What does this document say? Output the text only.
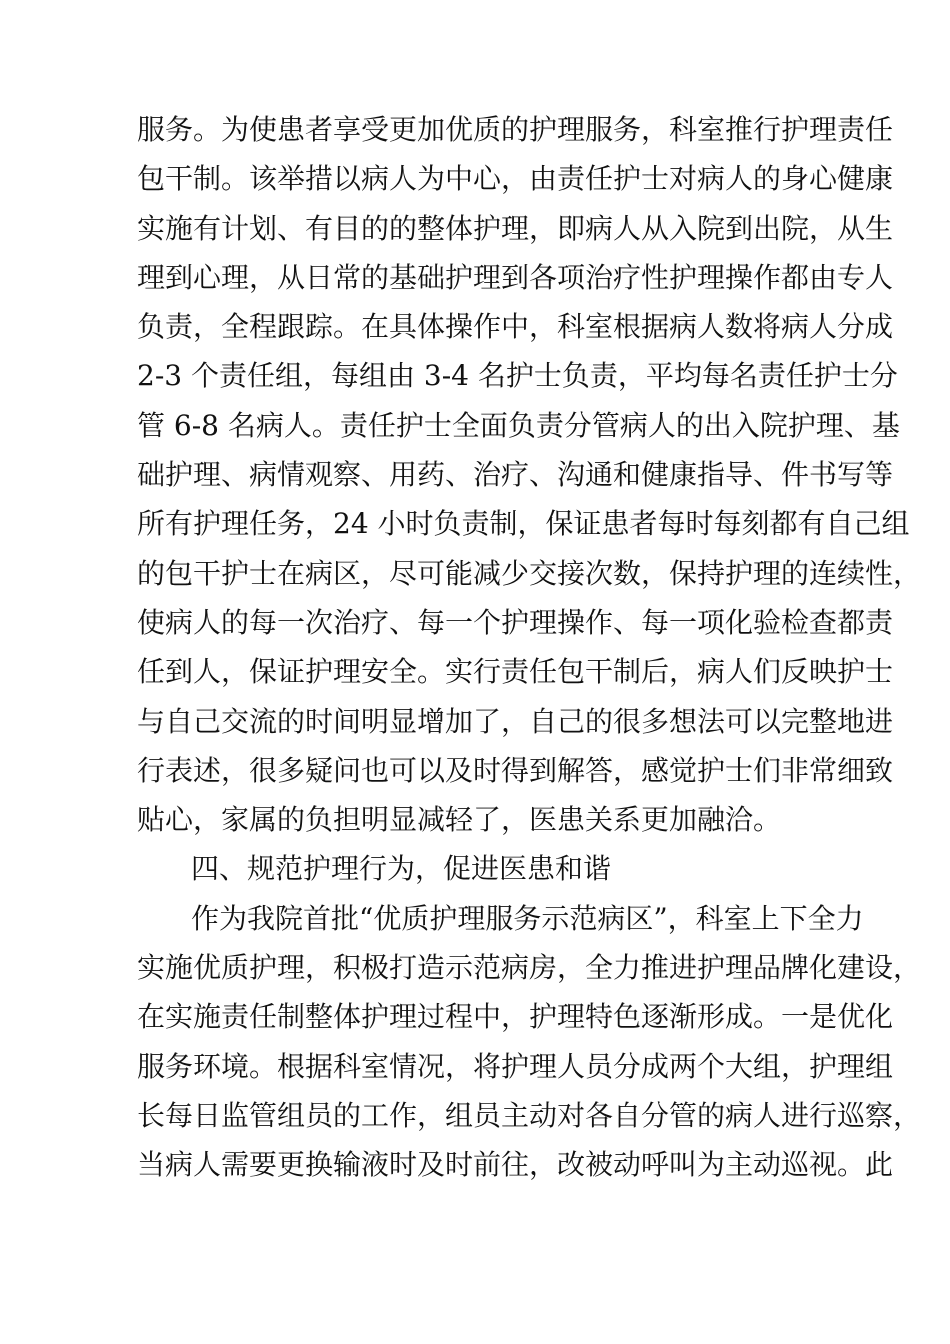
服务。为使患者享受更加优质的护理服务，科室推行护理责任
包干制。该举措以病人为中心，由责任护士对病人的身心健康
实施有计划、有目的的整体护理，即病人从入院到出院，从生
理到心理，从日常的基础护理到各项治疗性护理操作都由专人
负责，全程跟踪。在具体操作中，科室根据病人数将病人分成
2-3 个责任组，每组由 3-4 名护士负责，平均每名责任护士分
管 6-8 名病人。责任护士全面负责分管病人的出入院护理、基
础护理、病情观察、用药、治疗、沟通和健康指导、件书写等
所有护理任务，24 小时负责制，保证患者每时每刻都有自己组
的包干护士在病区，尽可能减少交接次数，保持护理的连续性，
使病人的每一次治疗、每一个护理操作、每一项化验检查都责
任到人，保证护理安全。实行责任包干制后，病人们反映护士
与自己交流的时间明显增加了，自己的很多想法可以完整地进
行表述，很多疑问也可以及时得到解答，感觉护士们非常细致
贴心，家属的负担明显减轻了，医患关系更加融洽。
四、规范护理行为，促进医患和谐
作为我院首批“优质护理服务示范病区”，科室上下全力
实施优质护理，积极打造示范病房，全力推进护理品牌化建设，
在实施责任制整体护理过程中，护理特色逐渐形成。一是优化
服务环境。根据科室情况，将护理人员分成两个大组，护理组
长每日监管组员的工作，组员主动对各自分管的病人进行巡察，
当病人需要更换输液时及时前往，改被动呼叫为主动巡视。此
